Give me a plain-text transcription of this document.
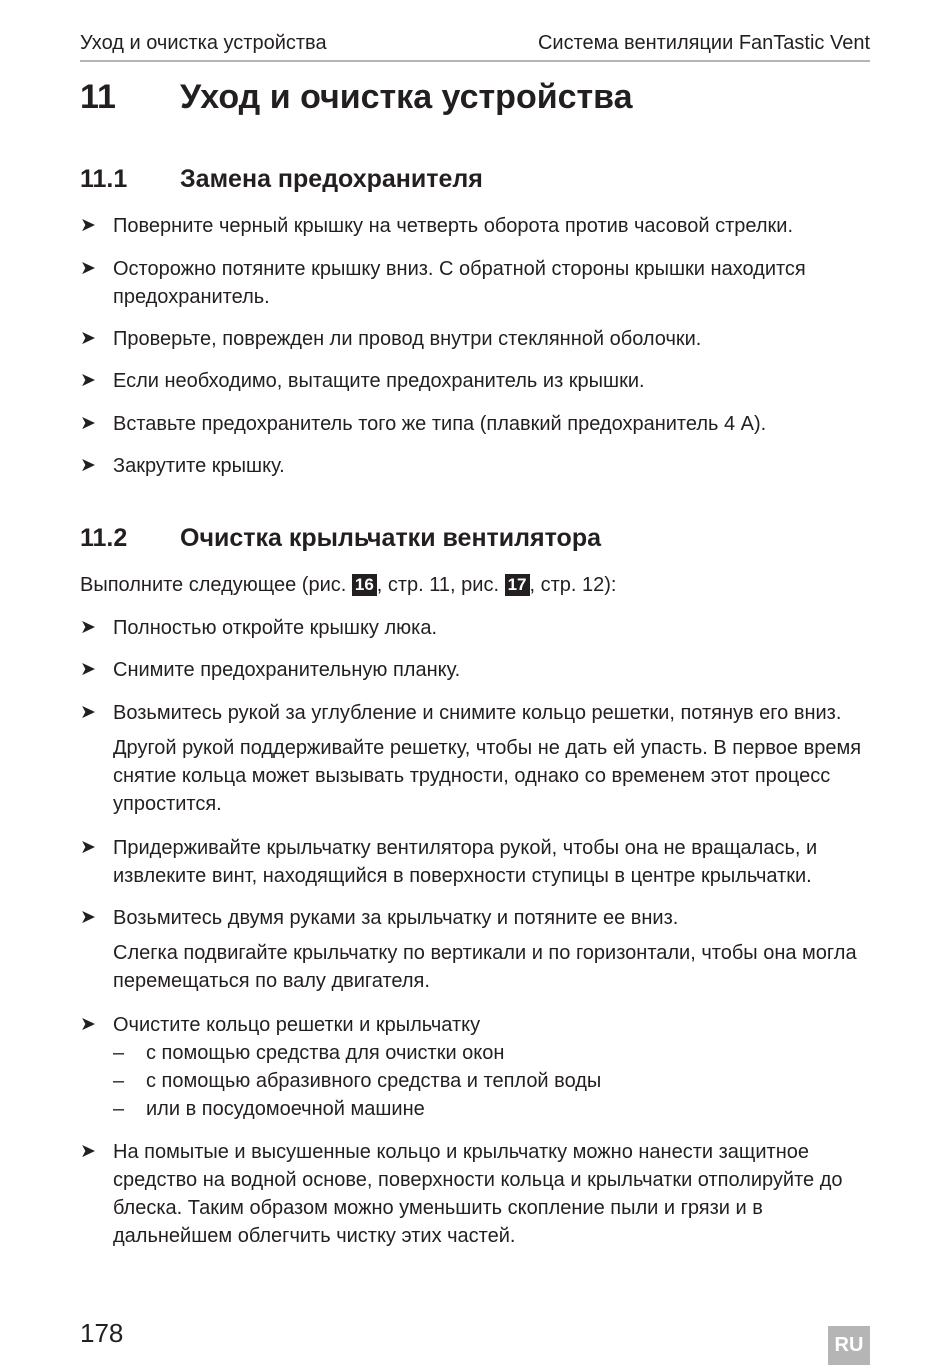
Уход и очистка устройства	Система вентиляции FanTastic Vent
11 Уход и очистка устройства
11.1 Замена предохранителя
➤ Поверните черный крышку на четверть оборота против часовой стрелки.
➤ Осторожно потяните крышку вниз. С обратной стороны крышки находится предохранитель.
➤ Проверьте, поврежден ли провод внутри стеклянной оболочки.
➤ Если необходимо, вытащите предохранитель из крышки.
➤ Вставьте предохранитель того же типа (плавкий предохранитель 4 A).
➤ Закрутите крышку.
11.2 Очистка крыльчатки вентилятора
Выполните следующее (рис. 16 , стр. 11, рис. 17 , стр. 12):
➤ Полностью откройте крышку люка.
➤ Снимите предохранительную планку.
➤ Возьмитесь рукой за углубление и снимите кольцо решетки, потянув его вниз.
Другой рукой поддерживайте решетку, чтобы не дать ей упасть. В первое время снятие кольца может вызывать трудности, однако со временем этот процесс упростится.
➤ Придерживайте крыльчатку вентилятора рукой, чтобы она не вращалась, и извлеките винт, находящийся в поверхности ступицы в центре крыльчатки.
➤ Возьмитесь двумя руками за крыльчатку и потяните ее вниз.
Слегка подвигайте крыльчатку по вертикали и по горизонтали, чтобы она могла перемещаться по валу двигателя.
➤ Очистите кольцо решетки и крыльчатку
– с помощью средства для очистки окон
– с помощью абразивного средства и теплой воды
– или в посудомоечной машине
➤ На помытые и высушенные кольцо и крыльчатку можно нанести защитное средство на водной основе, поверхности кольца и крыльчатки отполируйте до блеска. Таким образом можно уменьшить скопление пыли и грязи и в дальнейшем облегчить чистку этих частей.
178	RU
